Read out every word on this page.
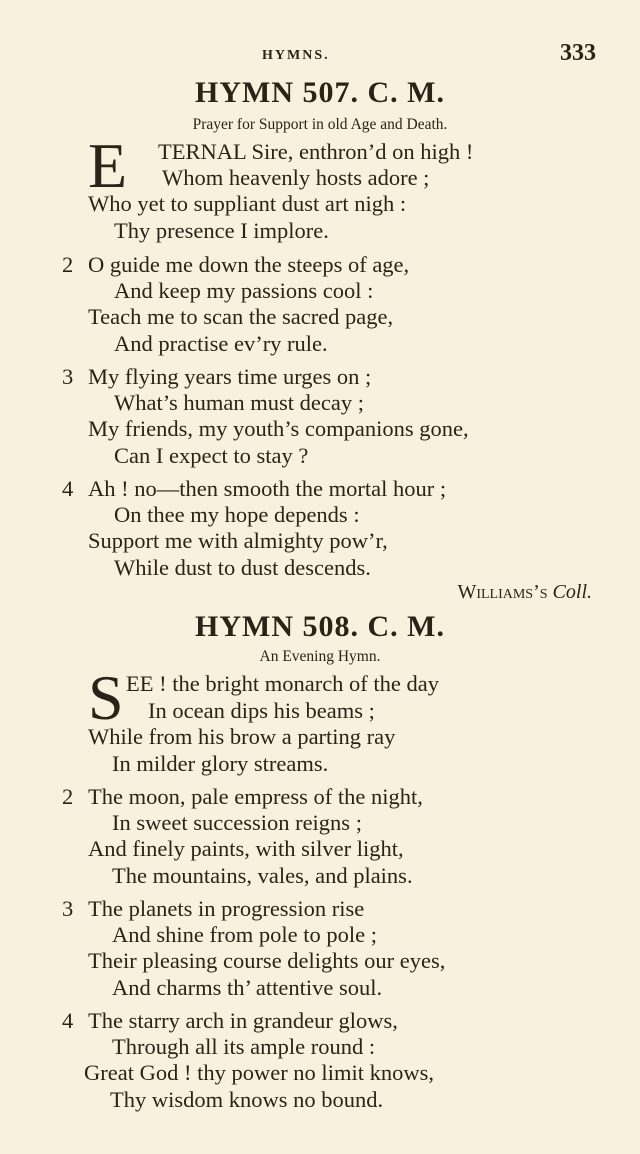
HYMNS.	333
HYMN 507. C. M.
Prayer for Support in old Age and Death.
E TERNAL Sire, enthron’d on high !
Whom heavenly hosts adore ;
Who yet to suppliant dust art nigh :
Thy presence I implore.
2 O guide me down the steeps of age,
And keep my passions cool :
Teach me to scan the sacred page,
And practise ev’ry rule.
3 My flying years time urges on ;
What’s human must decay ;
My friends, my youth’s companions gone,
Can I expect to stay ?
4 Ah ! no—then smooth the mortal hour ;
On thee my hope depends :
Support me with almighty pow’r,
While dust to dust descends.
Williams’s Coll.
HYMN 508. C. M.
An Evening Hymn.
S EE ! the bright monarch of the day
In ocean dips his beams ;
While from his brow a parting ray
In milder glory streams.
2 The moon, pale empress of the night,
In sweet succession reigns ;
And finely paints, with silver light,
The mountains, vales, and plains.
3 The planets in progression rise
And shine from pole to pole ;
Their pleasing course delights our eyes,
And charms th’ attentive soul.
4 The starry arch in grandeur glows,
Through all its ample round :
Great God ! thy power no limit knows,
Thy wisdom knows no bound.
